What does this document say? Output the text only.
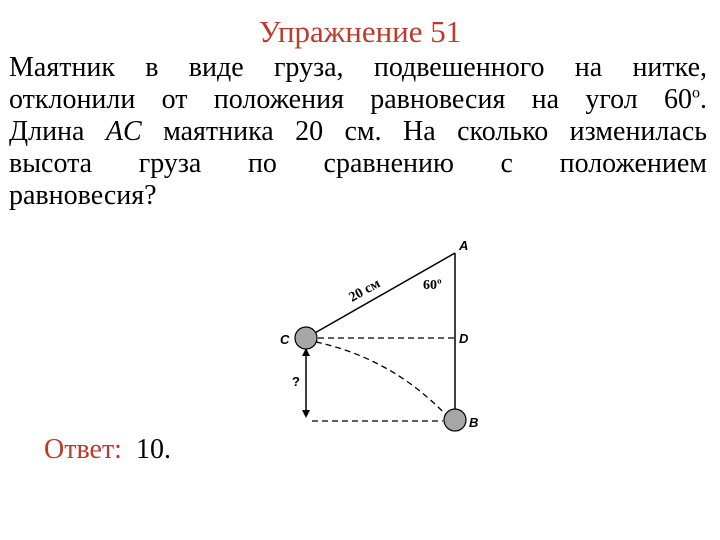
Упражнение 51
Маятник в виде груза, подвешенного на нитке,
отклонили от положения равновесия на угол $60^о$.
Длина AC маятника 20 см. На сколько изменилась
высота груза по сравнению с положением
равновесия?
A
C	D
B
20 см	60º
?
Ответ: 10.
